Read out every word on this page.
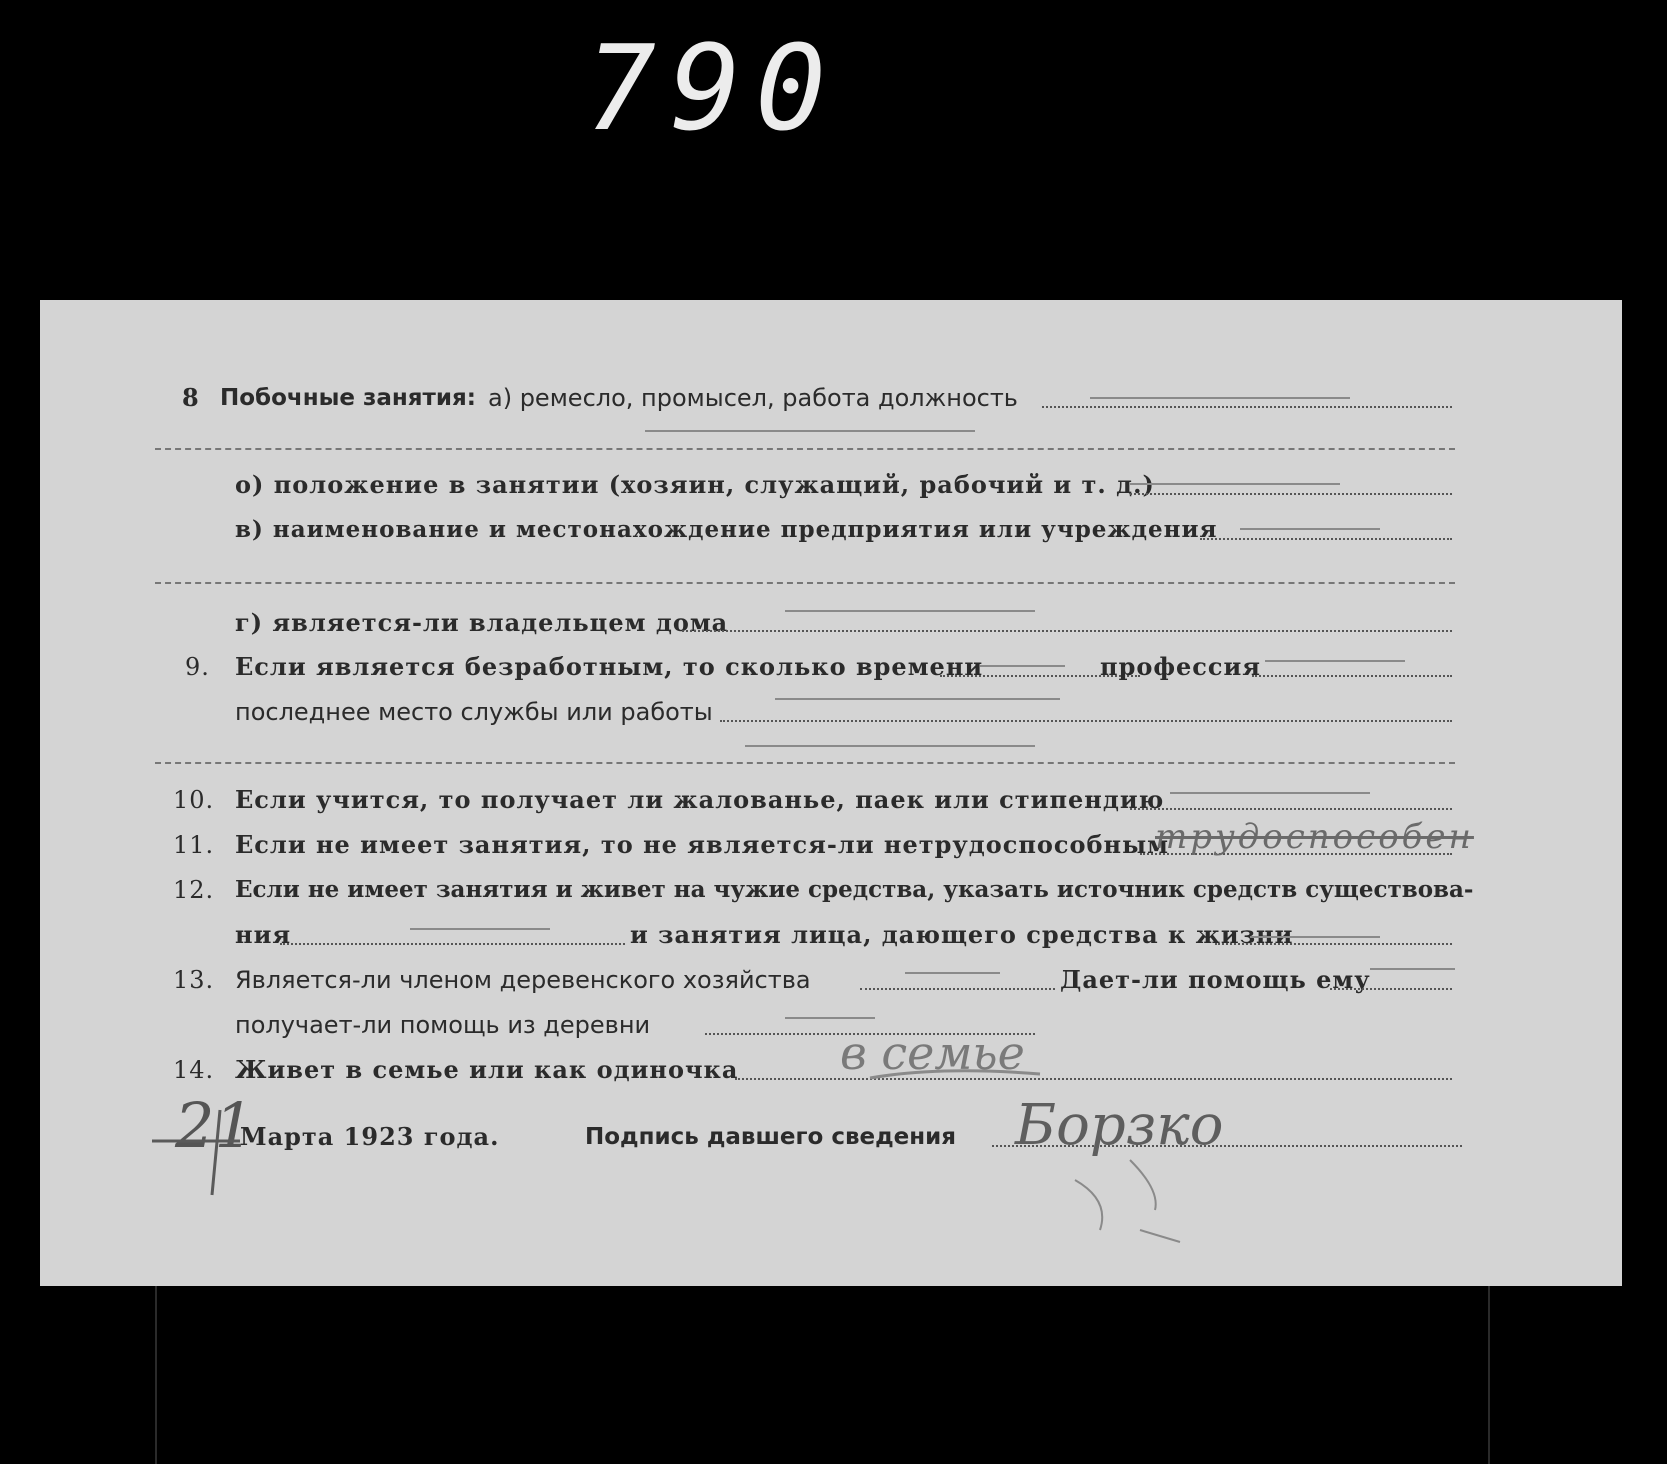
790
8 Побочные занятия: а) ремесло, промысел, работа должность
о) положение в занятии (хозяин, служащий, рабочий и т. д.)
в) наименование и местонахождение предприятия или учреждения
г) является-ли владельцем дома
9. Если является безработным, то сколько времени	профессия
последнее место службы или работы
10. Если учится, то получает ли жалованье, паек или стипендию
11. Если не имеет занятия, то не является-ли нетрудоспособным
трудоспособен
12. Если не имеет занятия и живет на чужие средства, указать источник средств существова-
ния	и занятия лица, дающего средства к жизни
13. Является-ли членом деревенского хозяйства	Дает-ли помощь ему
получает-ли помощь из деревни
14. Живет в семье или как одиночка в семье
21
Марта 1923 года.	Подпись давшего сведения Борзко
